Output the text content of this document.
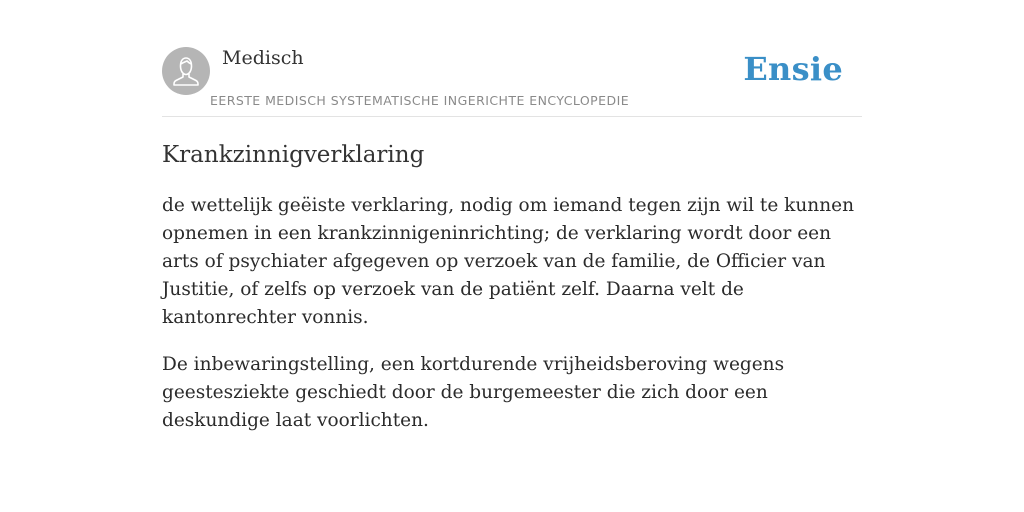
Medisch
EERSTE MEDISCH SYSTEMATISCHE INGERICHTE ENCYCLOPEDIE
Ensie
Krankzinnigverklaring

de wettelijk geëiste verklaring, nodig om iemand tegen zijn wil te kunnen opnemen in een krankzinnigeninrichting; de verklaring wordt door een arts of psychiater afgegeven op verzoek van de familie, de Officier van Justitie, of zelfs op verzoek van de patiënt zelf. Daarna velt de kantonrechter vonnis.

De inbewaringstelling, een kortdurende vrijheidsberoving wegens geestesziekte geschiedt door de burgemeester die zich door een deskundige laat voorlichten.
